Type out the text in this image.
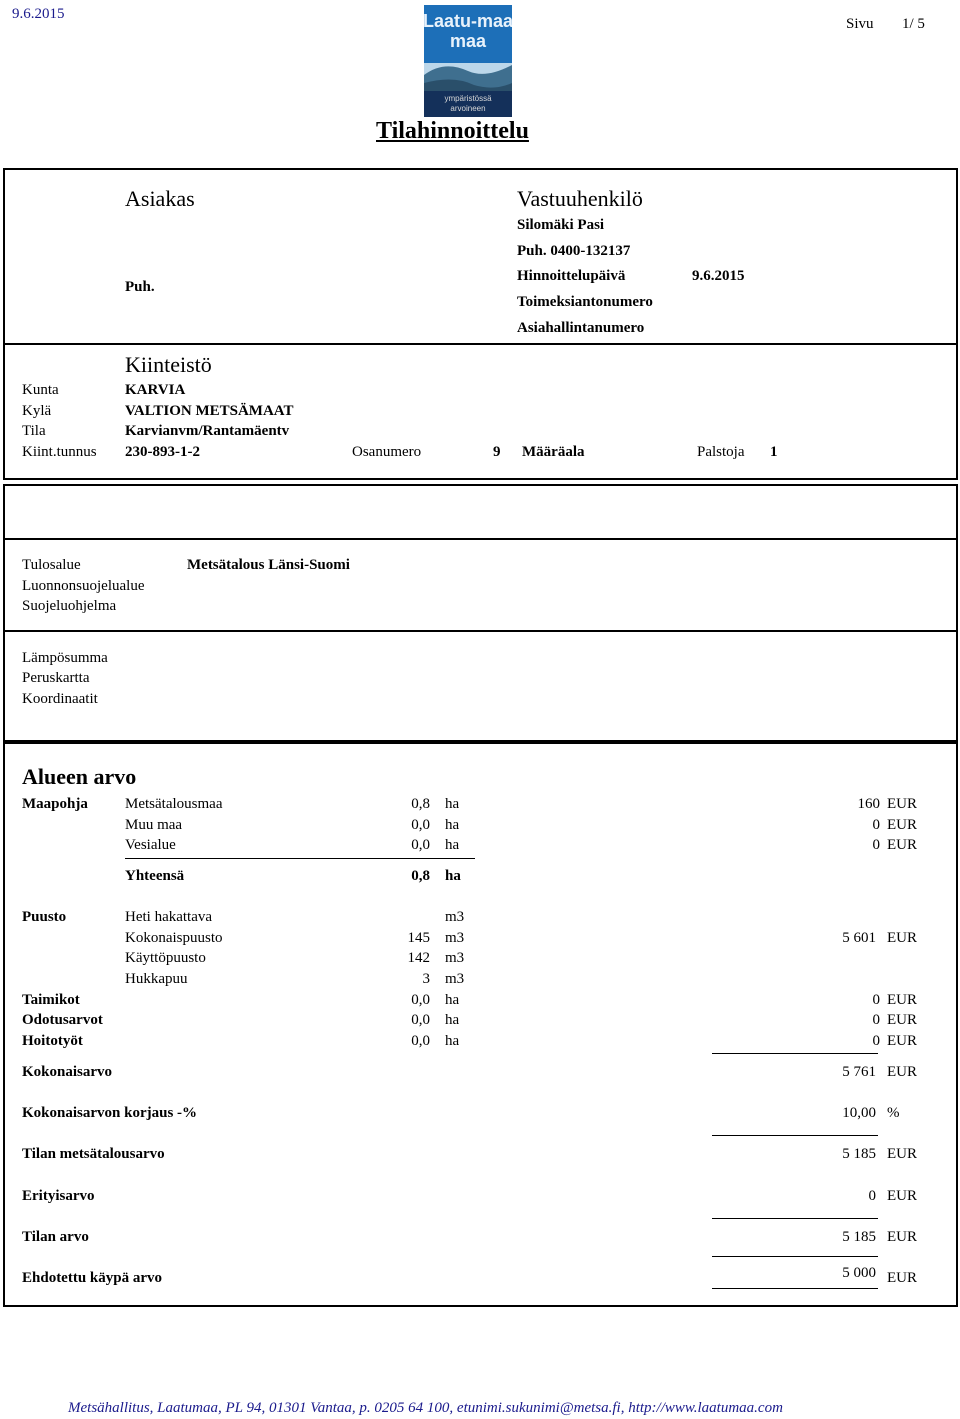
9.6.2015
Sivu 1/ 5
Laatu-maa
maa
ympäristössä
arvoineen
Tilahinnoittelu
Asiakas
Puh.
Vastuuhenkilö
Silomäki Pasi
Puh. 0400-132137
Hinnoittelupäivä	9.6.2015
Toimeksiantonumero
Asiahallintanumero
Kiinteistö
Kunta	KARVIA
Kylä	VALTION METSÄMAAT
Tila	Karvianvm/Rantamäentv
Kiint.tunnus 230-893-1-2	Osanumero	9 Määräala	Palstoja 1
Tulosalue	Metsätalous Länsi-Suomi
Luonnonsuojelualue
Suojeluohjelma
Lämpösumma
Peruskartta
Koordinaatit
Alueen arvo
Maapohja Metsätalousmaa	0,8 ha	160 EUR
Muu maa	0,0 ha	0 EUR
Vesialue	0,0 ha	0 EUR
Yhteensä	0,8 ha
Puusto	Heti hakattava	m3
Kokonaispuusto	145 m3	5 601 EUR
Käyttöpuusto	142 m3
Hukkapuu	3 m3
Taimikot	0,0 ha	0 EUR
Odotusarvot	0,0 ha	0 EUR
Hoitotyöt	0,0 ha	0 EUR
Kokonaisarvo	5 761 EUR
Kokonaisarvon korjaus -%	10,00 %
Tilan metsätalousarvo	5 185 EUR
Erityisarvo	0 EUR
Tilan arvo	5 185 EUR
Ehdotettu käypä arvo	5 000 EUR
Metsähallitus, Laatumaa, PL 94, 01301 Vantaa, p. 0205 64 100, etunimi.sukunimi@metsa.fi, http://www.laatumaa.com
